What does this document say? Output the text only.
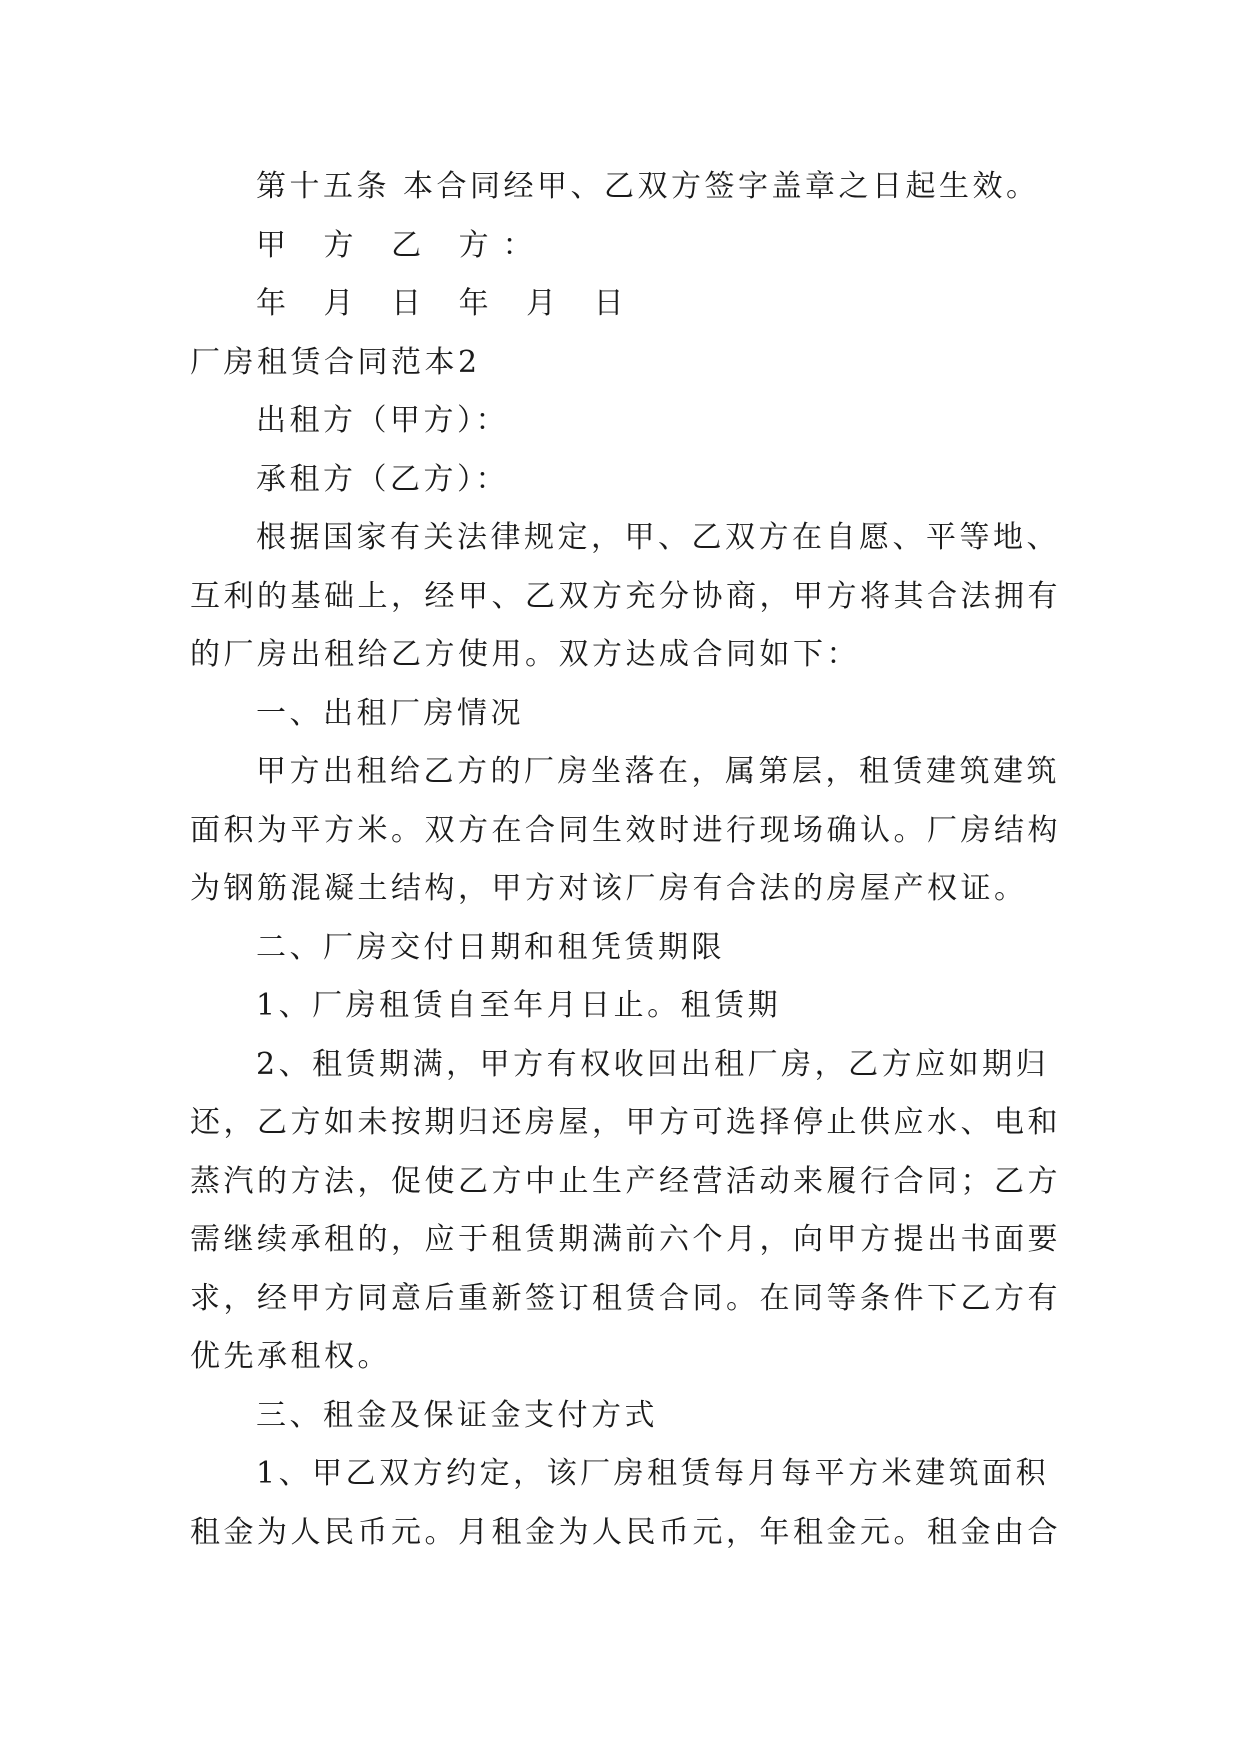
第十五条 本合同经甲、乙双方签字盖章之日起生效。
甲 方 乙 方：
年 月 日 年 月 日
厂房租赁合同范本2
出租方（甲方）：
承租方（乙方）：
根据国家有关法律规定，甲、乙双方在自愿、平等地、
互利的基础上，经甲、乙双方充分协商，甲方将其合法拥有
的厂房出租给乙方使用。双方达成合同如下：
一、出租厂房情况
甲方出租给乙方的厂房坐落在，属第层，租赁建筑建筑
面积为平方米。双方在合同生效时进行现场确认。厂房结构
为钢筋混凝土结构，甲方对该厂房有合法的房屋产权证。
二、厂房交付日期和租凭赁期限
1、厂房租赁自至年月日止。租赁期
2、租赁期满，甲方有权收回出租厂房，乙方应如期归
还，乙方如未按期归还房屋，甲方可选择停止供应水、电和
蒸汽的方法，促使乙方中止生产经营活动来履行合同；乙方
需继续承租的，应于租赁期满前六个月，向甲方提出书面要
求，经甲方同意后重新签订租赁合同。在同等条件下乙方有
优先承租权。
三、租金及保证金支付方式
1、甲乙双方约定，该厂房租赁每月每平方米建筑面积
租金为人民币元。月租金为人民币元，年租金元。租金由合
